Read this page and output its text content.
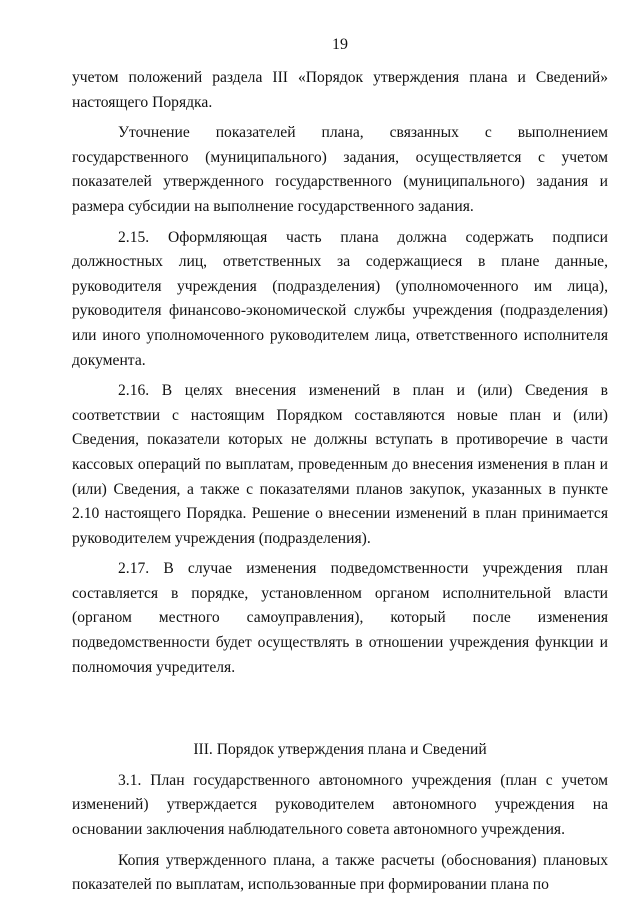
19

учетом положений раздела III «Порядок утверждения плана и Сведений» настоящего Порядка.

Уточнение показателей плана, связанных с выполнением государственного (муниципального) задания, осуществляется с учетом показателей утвержденного государственного (муниципального) задания и размера субсидии на выполнение государственного задания.

2.15. Оформляющая часть плана должна содержать подписи должностных лиц, ответственных за содержащиеся в плане данные, руководителя учреждения (подразделения) (уполномоченного им лица), руководителя финансово-экономической службы учреждения (подразделения) или иного уполномоченного руководителем лица, ответственного исполнителя документа.

2.16. В целях внесения изменений в план и (или) Сведения в соответствии с настоящим Порядком составляются новые план и (или) Сведения, показатели которых не должны вступать в противоречие в части кассовых операций по выплатам, проведенным до внесения изменения в план и (или) Сведения, а также с показателями планов закупок, указанных в пункте 2.10 настоящего Порядка. Решение о внесении изменений в план принимается руководителем учреждения (подразделения).

2.17. В случае изменения подведомственности учреждения план составляется в порядке, установленном органом исполнительной власти (органом местного самоуправления), который после изменения подведомственности будет осуществлять в отношении учреждения функции и полномочия учредителя.

III. Порядок утверждения плана и Сведений

3.1. План государственного автономного учреждения (план с учетом изменений) утверждается руководителем автономного учреждения на основании заключения наблюдательного совета автономного учреждения.

Копия утвержденного плана, а также расчеты (обоснования) плановых показателей по выплатам, использованные при формировании плана по
